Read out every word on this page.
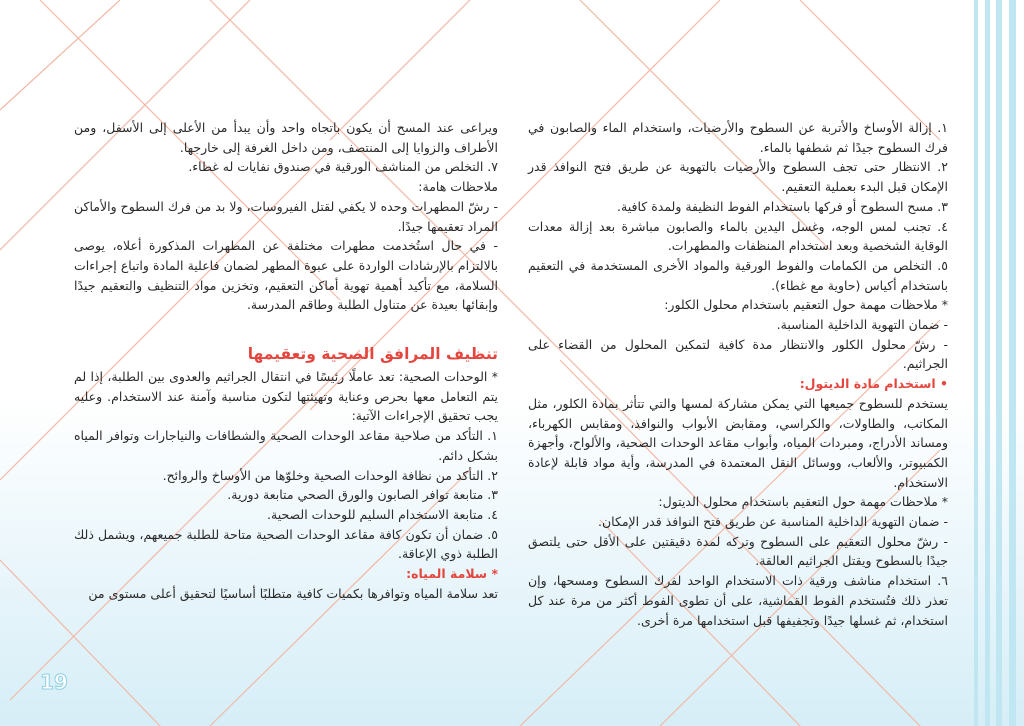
١. إزالة الأوساخ والأتربة عن السطوح والأرضيات، واستخدام الماء والصابون في فرك السطوح جيدًا ثم شطفها بالماء.

٢. الانتظار حتى تجف السطوح والأرضيات بالتهوية عن طريق فتح النوافذ قدر الإمكان قبل البدء بعملية التعقيم.

٣. مسح السطوح أو فركها باستخدام الفوط النظيفة ولمدة كافية.

٤. تجنب لمس الوجه، وغسل اليدين بالماء والصابون مباشرة بعد إزالة معدات الوقاية الشخصية وبعد استخدام المنظفات والمطهرات.

٥. التخلص من الكمامات والفوط الورقية والمواد الأخرى المستخدمة في التعقيم باستخدام أكياس (حاوية مع غطاء).

* ملاحظات مهمة حول التعقيم باستخدام محلول الكلور:

- ضمان التهوية الداخلية المناسبة.

- رشّ محلول الكلور والانتظار مدة كافية لتمكين المحلول من القضاء على الجراثيم.

• استخدام مادة الديتول:

يستخدم للسطوح جميعها التي يمكن مشاركة لمسها والتي تتأثر بمادة الكلور، مثل المكاتب، والطاولات، والكراسي، ومقابض الأبواب والنوافذ، ومقابس الكهرباء، ومساند الأدراج، ومبردات المياه، وأبواب مقاعد الوحدات الصحية، والألواح، وأجهزة الكمبيوتر، والألعاب، ووسائل النقل المعتمدة في المدرسة، وأية مواد قابلة لإعادة الاستخدام.

* ملاحظات مهمة حول التعقيم باستخدام محلول الديتول:

- ضمان التهوية الداخلية المناسبة عن طريق فتح النوافذ قدر الإمكان.

- رشّ محلول التعقيم على السطوح وتركه لمدة دقيقتين على الأقل حتى يلتصق جيدًا بالسطوح ويقتل الجراثيم العالقة.

٦. استخدام مناشف ورقية ذات الاستخدام الواحد لفرك السطوح ومسحها، وإن تعذر ذلك فتُستخدم الفوط القماشية، على أن تطوى الفوط أكثر من مرة عند كل استخدام، ثم غسلها جيدًا وتجفيفها قبل استخدامها مرة أخرى.

ويراعى عند المسح أن يكون باتجاه واحد وأن يبدأ من الأعلى إلى الأسفل، ومن الأطراف والزوايا إلى المنتصف، ومن داخل الغرفة إلى خارجها.

٧. التخلص من المناشف الورقية في صندوق نفايات له غطاء.

ملاحظات هامة:

- رشّ المطهرات وحده لا يكفي لقتل الفيروسات، ولا بد من فرك السطوح والأماكن المراد تعقيمها جيدًا.

- في حال استُخدمت مطهرات مختلفة عن المطهرات المذكورة أعلاه، يوصى بالالتزام بالإرشادات الواردة على عبوة المطهر لضمان فاعلية المادة واتباع إجراءات السلامة، مع تأكيد أهمية تهوية أماكن التعقيم، وتخزين مواد التنظيف والتعقيم جيدًا وإبقائها بعيدة عن متناول الطلبة وطاقم المدرسة.

تنظيف المرافق الصحية وتعقيمها

* الوحدات الصحية: تعد عاملًا رئيسًا في انتقال الجراثيم والعدوى بين الطلبة، إذا لم يتم التعامل معها بحرص وعناية وتهيئتها لتكون مناسبة وآمنة عند الاستخدام. وعليه يجب تحقيق الإجراءات الآتية:

١. التأكد من صلاحية مقاعد الوحدات الصحية والشطافات والنياجارات وتوافر المياه بشكل دائم.

٢. التأكد من نظافة الوحدات الصحية وخلوّها من الأوساخ والروائح.

٣. متابعة توافر الصابون والورق الصحي متابعة دورية.

٤. متابعة الاستخدام السليم للوحدات الصحية.

٥. ضمان أن تكون كافة مقاعد الوحدات الصحية متاحة للطلبة جميعهم، ويشمل ذلك الطلبة ذوي الإعاقة.

* سلامة المياه:

تعد سلامة المياه وتوافرها بكميات كافية متطلبًا أساسيًا لتحقيق أعلى مستوى من

19
